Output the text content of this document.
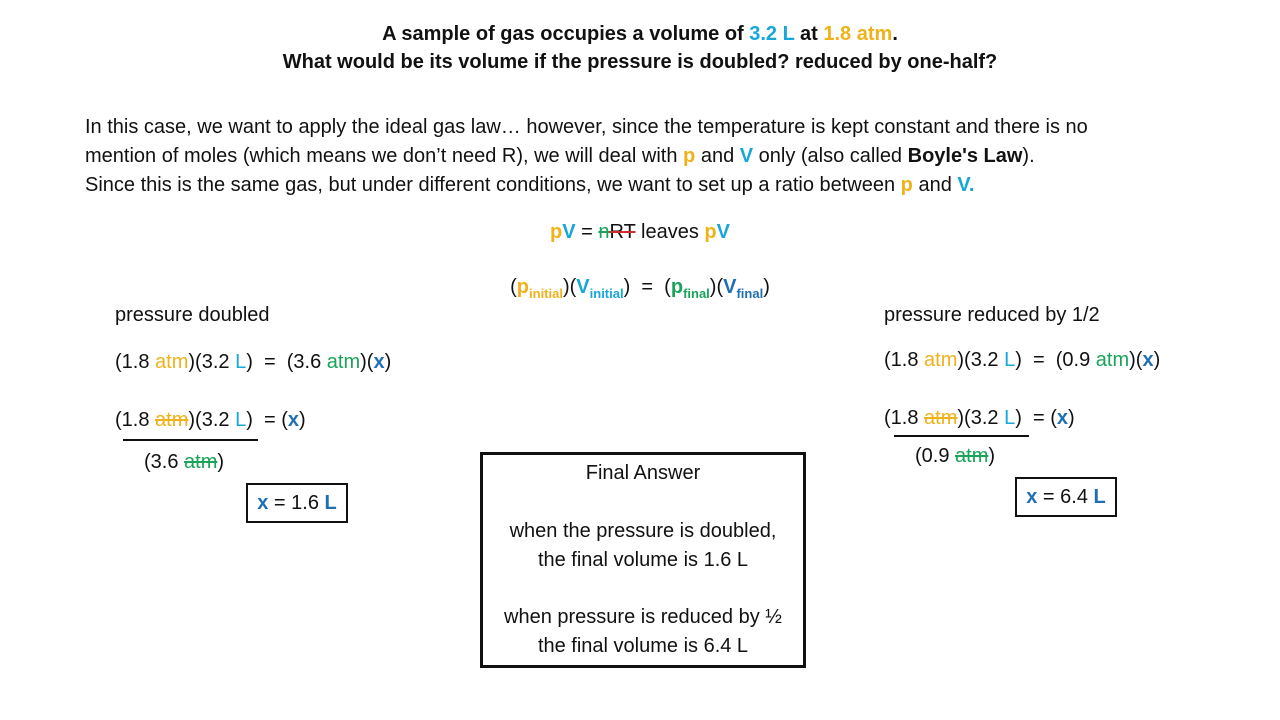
A sample of gas occupies a volume of 3.2 L at 1.8 atm.
What would be its volume if the pressure is doubled? reduced by one-half?
In this case, we want to apply the ideal gas law… however, since the temperature is kept constant and there is no
mention of moles (which means we don’t need R), we will deal with p and V only (also called Boyle's Law).
Since this is the same gas, but under different conditions, we want to set up a ratio between p and V.
pV = nRT leaves pV
$(p_{initial})(V_{initial}) = (p_{final})(V_{final})$
pressure doubled
(1.8 atm)(3.2 L)  =  (3.6 atm)(x)
(1.8 atm)(3.2 L)  = (x)
(3.6 atm)
x = 1.6 L
pressure reduced by 1/2
(1.8 atm)(3.2 L)  =  (0.9 atm)(x)
(1.8 atm)(3.2 L)  = (x)
(0.9 atm)
x = 6.4 L
Final Answer
when the pressure is doubled,
the final volume is 1.6 L
when pressure is reduced by ½
the final volume is 6.4 L
